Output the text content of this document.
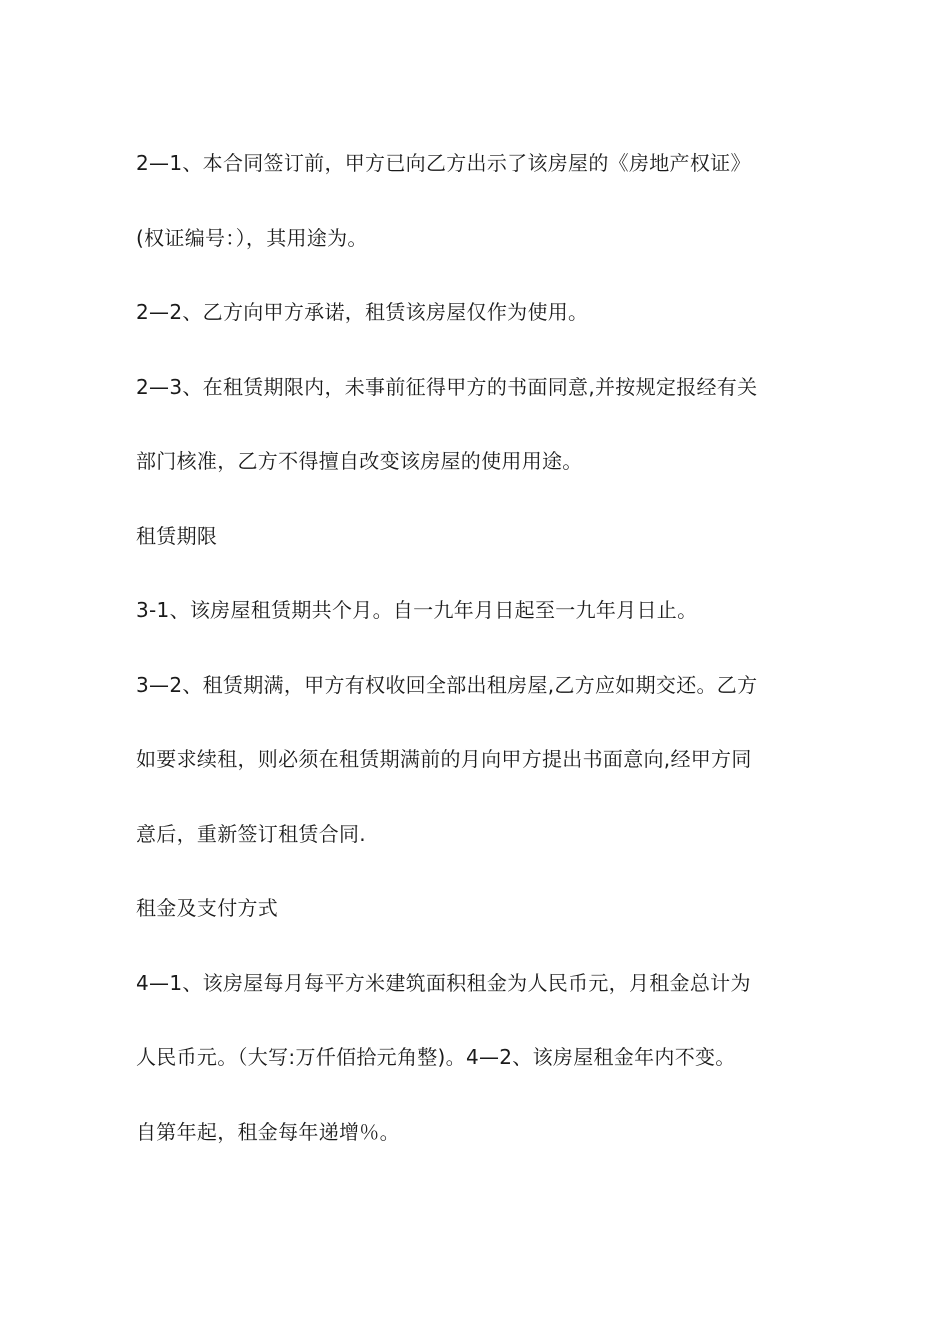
2—1、本合同签订前，甲方已向乙方出示了该房屋的《房地产权证》

(权证编号：），其用途为。

2—2、乙方向甲方承诺，租赁该房屋仅作为使用。

2—3、在租赁期限内，未事前征得甲方的书面同意,并按规定报经有关

部门核准，乙方不得擅自改变该房屋的使用用途。

租赁期限

3-1、该房屋租赁期共个月。自一九年月日起至一九年月日止。

3—2、租赁期满，甲方有权收回全部出租房屋,乙方应如期交还。乙方

如要求续租，则必须在租赁期满前的月向甲方提出书面意向,经甲方同

意后，重新签订租赁合同.

租金及支付方式

4—1、该房屋每月每平方米建筑面积租金为人民币元，月租金总计为

人民币元。（大写:万仟佰拾元角整)。4—2、该房屋租金年内不变。

自第年起，租金每年递增％。
